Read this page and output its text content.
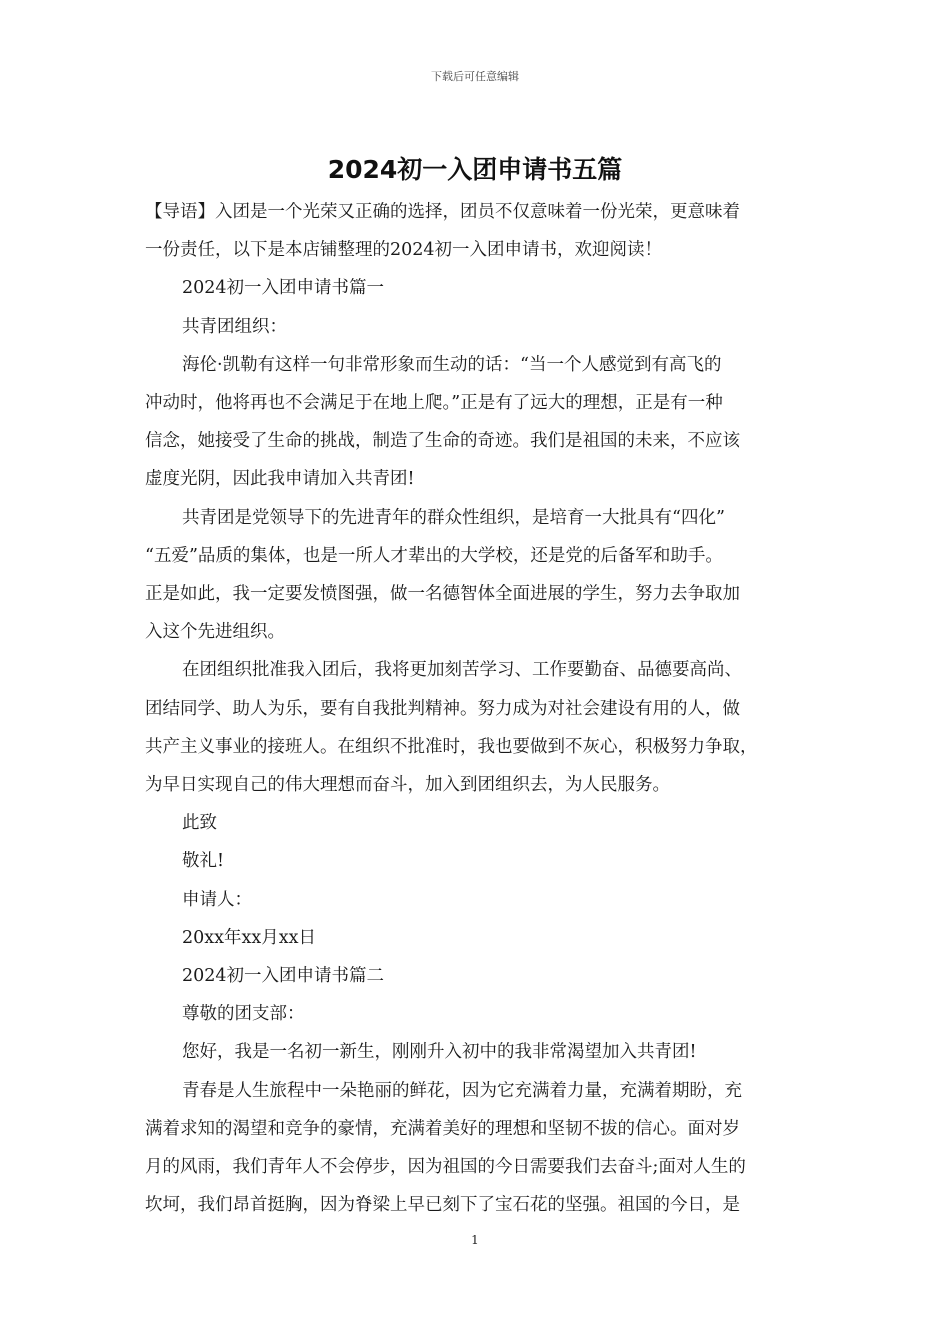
下载后可任意编辑
2024初一入团申请书五篇

【导语】入团是一个光荣又正确的选择，团员不仅意味着一份光荣，更意味着

一份责任，以下是本店铺整理的2024初一入团申请书，欢迎阅读！

2024初一入团申请书篇一

共青团组织：

海伦·凯勒有这样一句非常形象而生动的话：“当一个人感觉到有高飞的

冲动时，他将再也不会满足于在地上爬。”正是有了远大的理想，正是有一种

信念，她接受了生命的挑战，制造了生命的奇迹。我们是祖国的未来，不应该

虚度光阴，因此我申请加入共青团!

共青团是党领导下的先进青年的群众性组织，是培育一大批具有“四化”

“五爱”品质的集体，也是一所人才辈出的大学校，还是党的后备军和助手。

正是如此，我一定要发愤图强，做一名德智体全面进展的学生，努力去争取加

入这个先进组织。

在团组织批准我入团后，我将更加刻苦学习、工作要勤奋、品德要高尚、

团结同学、助人为乐，要有自我批判精神。努力成为对社会建设有用的人，做

共产主义事业的接班人。在组织不批准时，我也要做到不灰心，积极努力争取，

为早日实现自己的伟大理想而奋斗，加入到团组织去，为人民服务。

此致

敬礼!

申请人：

20xx年xx月xx日

2024初一入团申请书篇二

尊敬的团支部：

您好，我是一名初一新生，刚刚升入初中的我非常渴望加入共青团!

青春是人生旅程中一朵艳丽的鲜花，因为它充满着力量，充满着期盼，充

满着求知的渴望和竞争的豪情，充满着美好的理想和坚韧不拔的信心。面对岁

月的风雨，我们青年人不会停步，因为祖国的今日需要我们去奋斗;面对人生的

坎坷，我们昂首挺胸，因为脊梁上早已刻下了宝石花的坚强。祖国的今日，是

1
